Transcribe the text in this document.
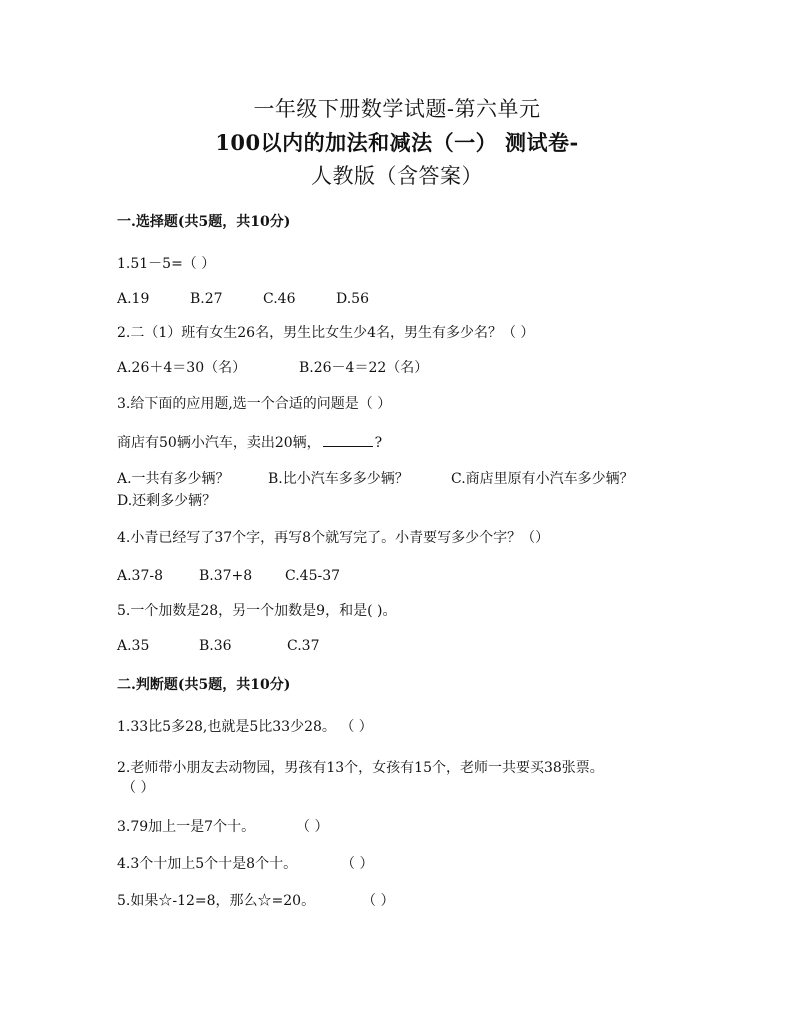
一年级下册数学试题-第六单元
100以内的加法和减法（一） 测试卷-
人教版（含答案）
一.选择题(共5题，共10分)
1.51－5=（ ）
A.19	B.27	C.46	D.56
2.二（1）班有女生26名，男生比女生少4名，男生有多少名？（ ）
A.26＋4＝30（名）	B.26－4＝22（名）
3.给下面的应用题,选一个合适的问题是（ ）
商店有50辆小汽车，卖出20辆，	?
A.一共有多少辆？	B.比小汽车多多少辆？	C.商店里原有小汽车多少辆？
D.还剩多少辆？
4.小青已经写了37个字，再写8个就写完了。小青要写多少个字？（）
A.37-8	B.37+8 C.45-37
5.一个加数是28，另一个加数是9，和是( )。
A.35	B.36	C.37
二.判断题(共5题，共10分)
1.33比5多28,也就是5比33少28。 （ ）
2.老师带小朋友去动物园，男孩有13个，女孩有15个，老师一共要买38张票。
（ ）
3.79加上一是7个十。	（ ）
4.3个十加上5个十是8个十。	（ ）
5.如果☆-12=8，那么☆=20。	（ ）
